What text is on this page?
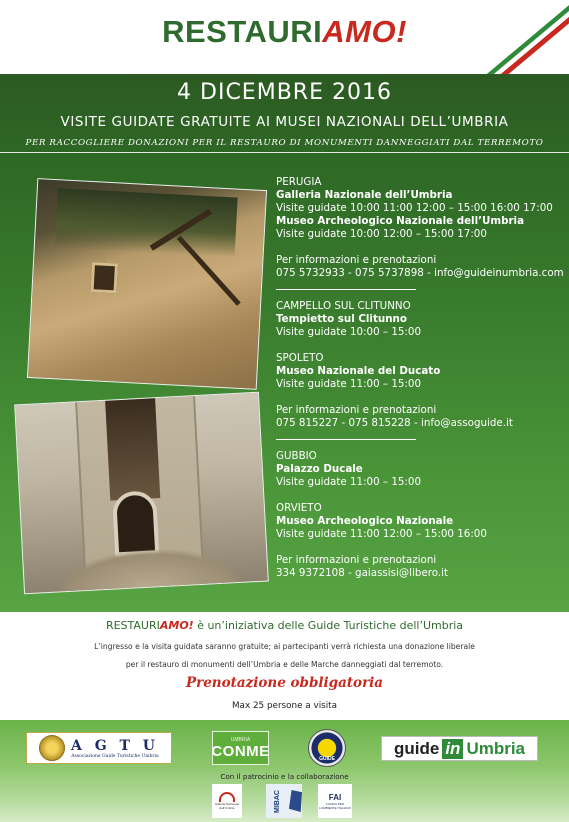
RESTAURIAMO!
4 DICEMBRE 2016
VISITE GUIDATE GRATUITE AI MUSEI NAZIONALI DELL’UMBRIA
PER RACCOGLIERE DONAZIONI PER IL RESTAURO DI MONUMENTI DANNEGGIATI DAL TERREMOTO
PERUGIA
Galleria Nazionale dell’Umbria
Visite guidate 10:00 11:00 12:00 – 15:00 16:00 17:00
Museo Archeologico Nazionale dell’Umbria
Visite guidate 10:00 12:00 – 15:00 17:00
Per informazioni e prenotazioni
075 5732933 - 075 5737898 - info@guideinumbria.com
CAMPELLO SUL CLITUNNO
Tempietto sul Clitunno
Visite guidate 10:00 – 15:00
SPOLETO
Museo Nazionale del Ducato
Visite guidate 11:00 – 15:00
Per informazioni e prenotazioni
075 815227 - 075 815228 - info@assoguide.it
GUBBIO
Palazzo Ducale
Visite guidate 11:00 – 15:00
ORVIETO
Museo Archeologico Nazionale
Visite guidate 11:00 12:00 – 15:00 16:00
Per informazioni e prenotazioni
334 9372108 - gaiassisi@libero.it
RESTAURIAMO! è un’iniziativa delle Guide Turistiche dell’Umbria
L’ingresso e la visita guidata saranno gratuite; ai partecipanti verrà richiesta una donazione liberale
per il restauro di monumenti dell’Umbria e delle Marche danneggiati dal terremoto.
Prenotazione obbligatoria
Max 25 persone a visita
A G T U
Associazione Guide Turistiche Umbria
UMBRIA
CONME	GUIDE
guide in Umbria
Con il patrocinio e la collaborazione
Galleria Nazionale dell'Umbria	MIBAC	FAI
FONDO PER L'AMBIENTE ITALIANO
